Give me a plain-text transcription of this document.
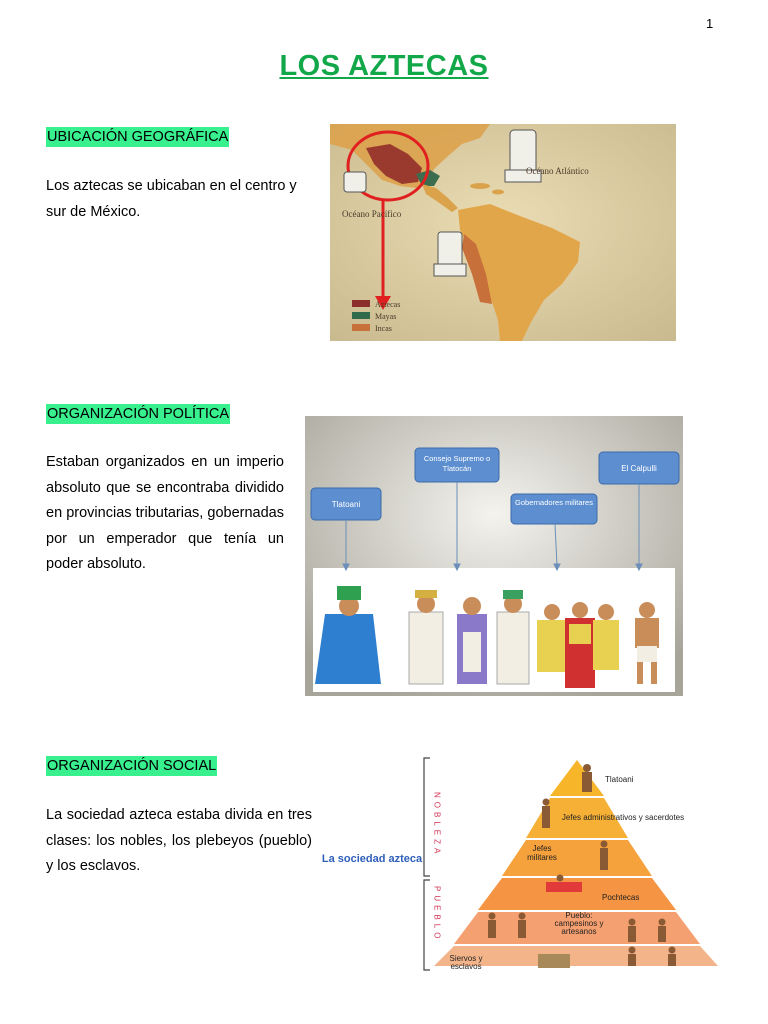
1
LOS AZTECAS
UBICACIÓN GEOGRÁFICA
Los aztecas se ubicaban en el centro y sur de México.
Océano Atlántico
Océano Pacífico
Aztecas
Mayas
Incas
ORGANIZACIÓN POLÍTICA
Estaban organizados en un imperio absoluto que se encontraba dividido en provincias tributarias, gobernadas por un emperador que tenía un poder absoluto.
Tlatoani
Consejo Supremo o Tlatocán
Gobernadores militares
El Calpulli
ORGANIZACIÓN SOCIAL
La sociedad azteca estaba divida en tres clases: los nobles, los plebeyos (pueblo) y los esclavos.	La sociedad azteca
NOBLEZA
PUEBLO
Tlatoani
Jefes administrativos y sacerdotes
Jefes militares
Pochtecas
Pueblo: campesinos y artesanos
Siervos y esclavos
